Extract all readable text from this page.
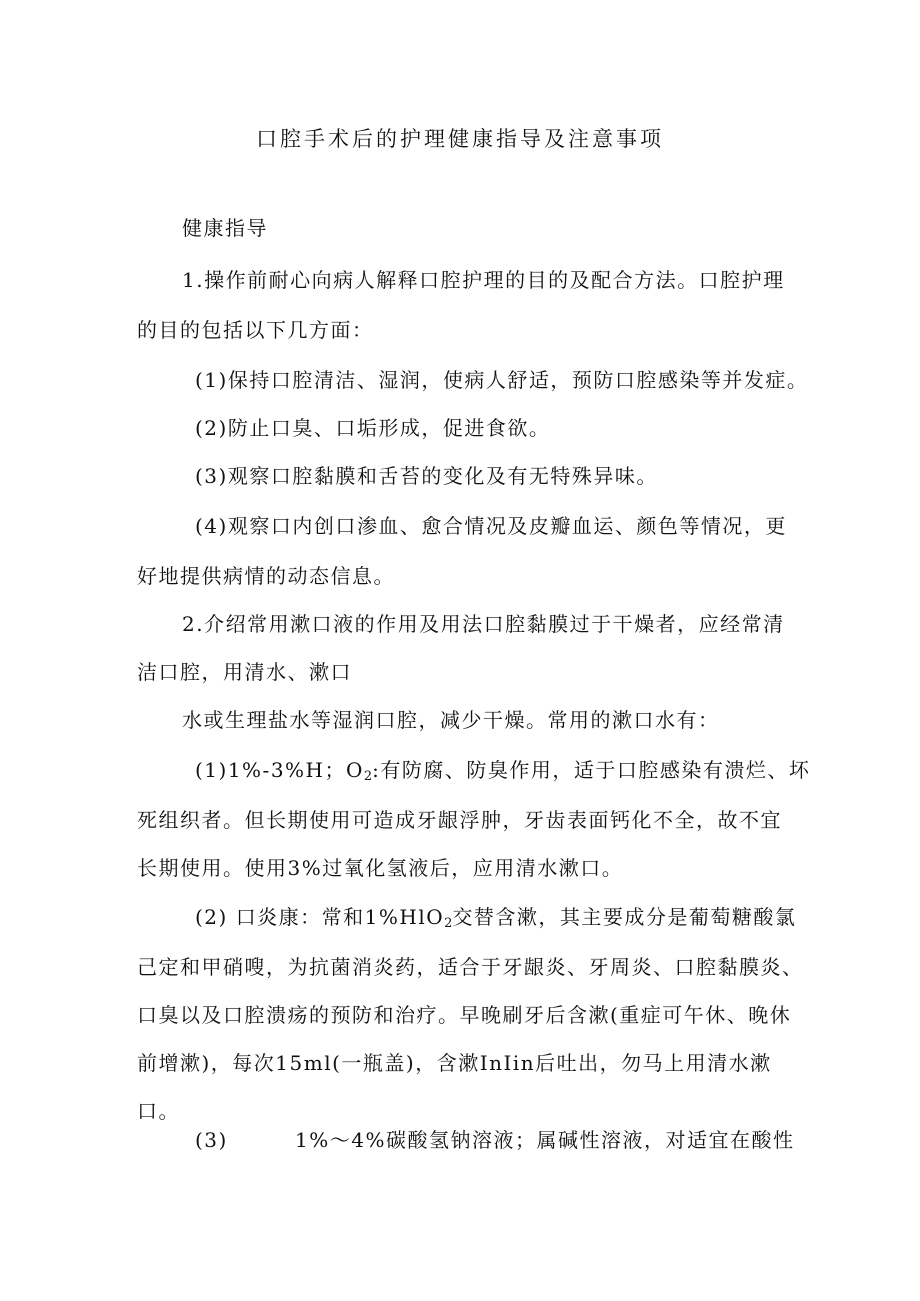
口腔手术后的护理健康指导及注意事项
健康指导
1.操作前耐心向病人解释口腔护理的目的及配合方法。口腔护理
的目的包括以下几方面：
(1)保持口腔清洁、湿润，使病人舒适，预防口腔感染等并发症。
(2)防止口臭、口垢形成，促进食欲。
(3)观察口腔黏膜和舌苔的变化及有无特殊异味。
(4)观察口内创口渗血、愈合情况及皮瓣血运、颜色等情况，更
好地提供病情的动态信息。
2.介绍常用漱口液的作用及用法口腔黏膜过于干燥者，应经常清
洁口腔，用清水、漱口
水或生理盐水等湿润口腔，减少干燥。常用的漱口水有：
(1)1%-3%H；$O_2$:有防腐、防臭作用，适于口腔感染有溃烂、坏
死组织者。但长期使用可造成牙龈浮肿，牙齿表面钙化不全，故不宜
长期使用。使用3%过氧化氢液后，应用清水漱口。
(2) 口炎康：常和1%HlO$_2$交替含漱，其主要成分是葡萄糖酸氯
己定和甲硝嗖，为抗菌消炎药，适合于牙龈炎、牙周炎、口腔黏膜炎、
口臭以及口腔溃疡的预防和治疗。早晚刷牙后含漱(重症可午休、晚休
前增漱)，每次15ml(一瓶盖)，含漱InIin后吐出，勿马上用清水漱
口。
(3)	1%～4%碳酸氢钠溶液；属碱性溶液，对适宜在酸性
